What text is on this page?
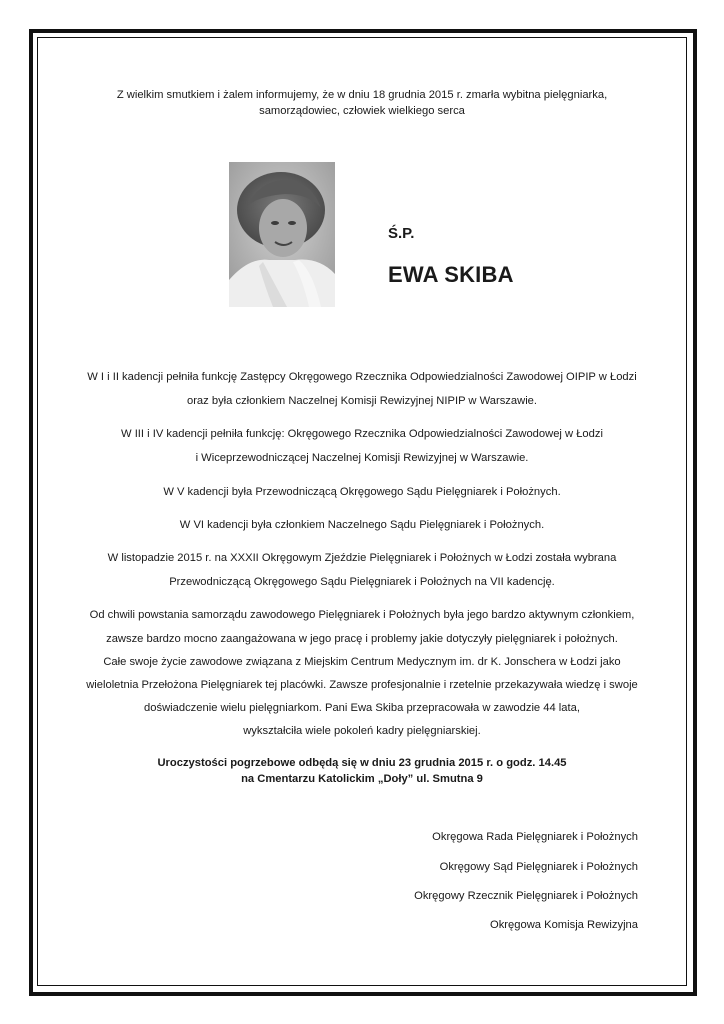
Z wielkim smutkiem i żalem informujemy, że w dniu 18 grudnia 2015 r. zmarła wybitna pielęgniarka,
samorządowiec, człowiek wielkiego serca
Ś.P.
EWA SKIBA
W I i II kadencji pełniła funkcję Zastępcy Okręgowego Rzecznika Odpowiedzialności Zawodowej OIPIP w Łodzi
oraz była członkiem Naczelnej Komisji Rewizyjnej NIPIP w Warszawie.
W III i IV kadencji pełniła funkcję: Okręgowego Rzecznika Odpowiedzialności Zawodowej w Łodzi
i Wiceprzewodniczącej Naczelnej Komisji Rewizyjnej w Warszawie.
W V kadencji była Przewodniczącą Okręgowego Sądu Pielęgniarek i Położnych.
W VI kadencji była członkiem Naczelnego Sądu Pielęgniarek i Położnych.
W listopadzie 2015 r. na XXXII Okręgowym Zjeździe Pielęgniarek i Położnych w Łodzi została wybrana
Przewodniczącą Okręgowego Sądu Pielęgniarek i Położnych na VII kadencję.
Od chwili powstania samorządu zawodowego Pielęgniarek i Położnych była jego bardzo aktywnym członkiem,
zawsze bardzo mocno zaangażowana w jego pracę i problemy jakie dotyczyły pielęgniarek i położnych.
Całe swoje życie zawodowe związana z Miejskim Centrum Medycznym im. dr K. Jonschera w Łodzi jako
wieloletnia Przełożona Pielęgniarek tej placówki. Zawsze profesjonalnie i rzetelnie przekazywała wiedzę i swoje
doświadczenie wielu pielęgniarkom. Pani Ewa Skiba przepracowała w zawodzie 44 lata,
wykształciła wiele pokoleń kadry pielęgniarskiej.
Uroczystości pogrzebowe odbędą się w dniu 23 grudnia 2015 r. o godz. 14.45
na Cmentarzu Katolickim „Doły” ul. Smutna 9
Okręgowa Rada Pielęgniarek i Położnych
Okręgowy Sąd Pielęgniarek i Położnych
Okręgowy Rzecznik Pielęgniarek i Położnych
Okręgowa Komisja Rewizyjna
